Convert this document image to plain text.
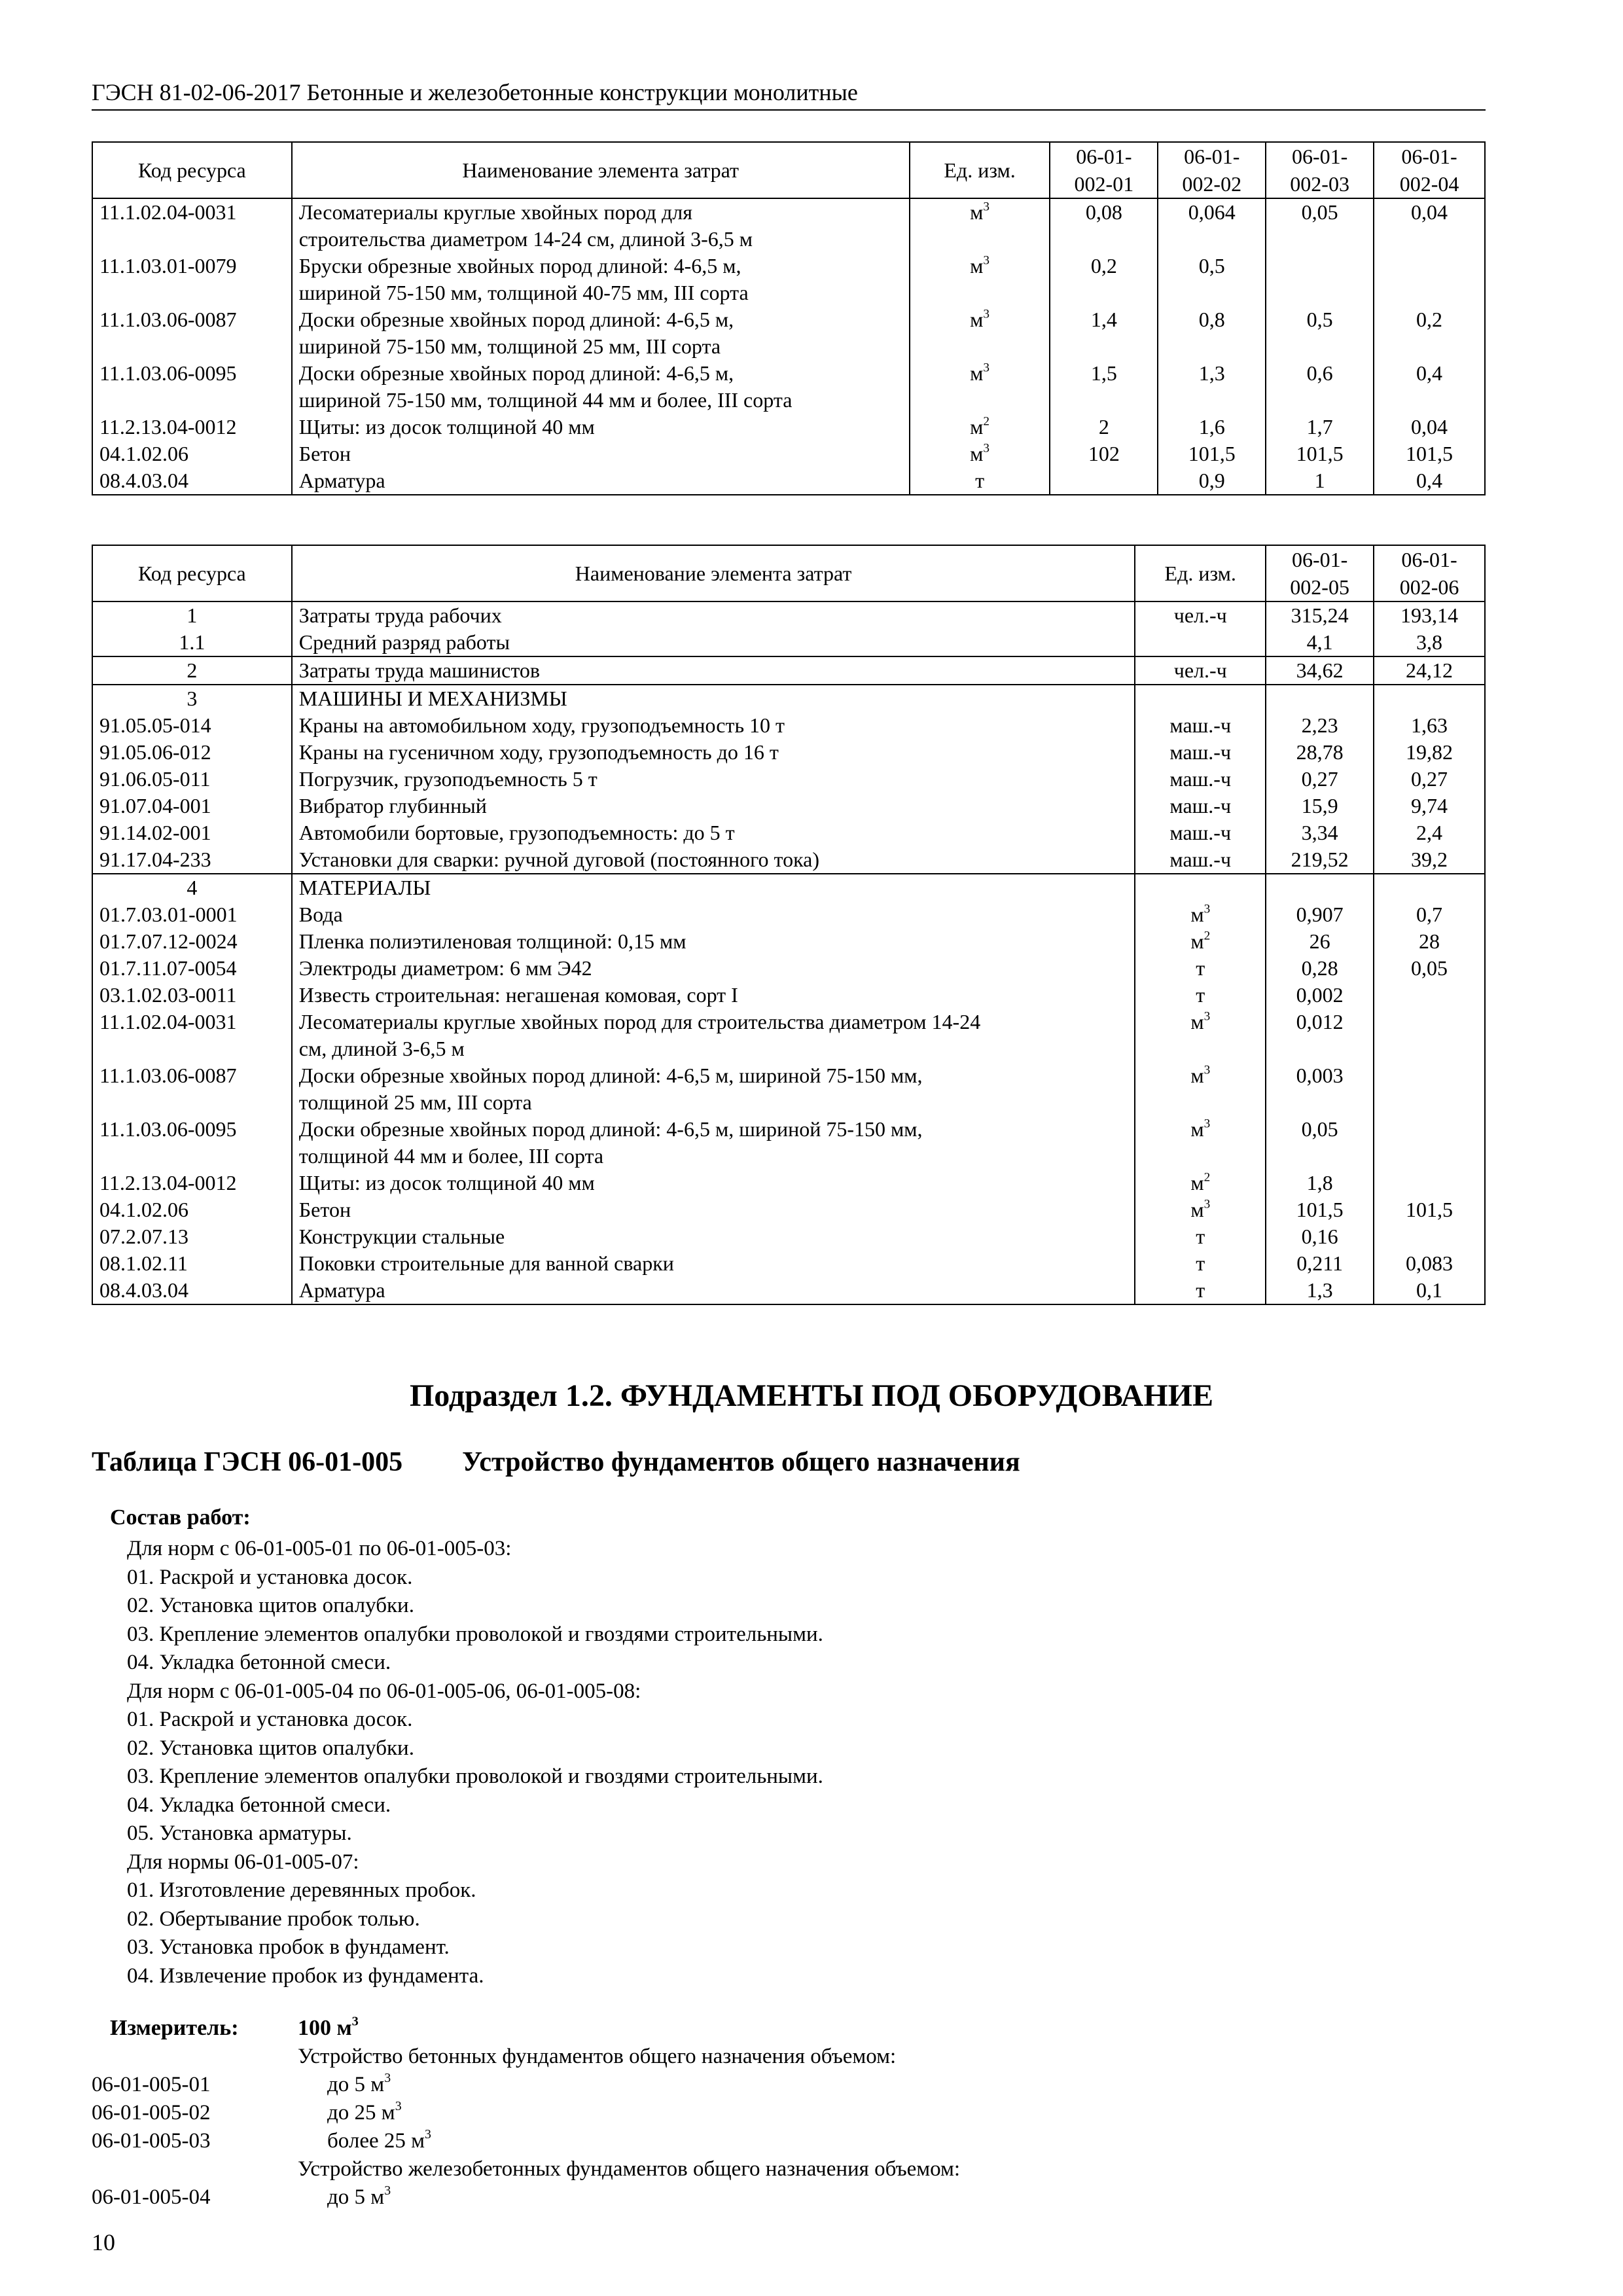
ГЭСН 81-02-06-2017 Бетонные и железобетонные конструкции монолитные
Код ресурса	Наименование элемента затрат	Ед. изм.	06-01-
002-01	06-01-
002-02	06-01-
002-03	06-01-
002-04
11.1.02.04-0031	Лесоматериалы круглые хвойных пород для
строительства диаметром 14-24 см, длиной 3-6,5 м	$м^3$	0,08	0,064	0,05	0,04
11.1.03.01-0079	Бруски обрезные хвойных пород длиной: 4-6,5 м,
шириной 75-150 мм, толщиной 40-75 мм, III сорта	$м^3$	0,2	0,5		
11.1.03.06-0087	Доски обрезные хвойных пород длиной: 4-6,5 м,
шириной 75-150 мм, толщиной 25 мм, III сорта	$м^3$	1,4	0,8	0,5	0,2
11.1.03.06-0095	Доски обрезные хвойных пород длиной: 4-6,5 м,
шириной 75-150 мм, толщиной 44 мм и более, III сорта	$м^3$	1,5	1,3	0,6	0,4
11.2.13.04-0012	Щиты: из досок толщиной 40 мм	$м^2$	2	1,6	1,7	0,04
04.1.02.06	Бетон	$м^3$	102	101,5	101,5	101,5
08.4.03.04	Арматура	т		0,9	1	0,4
Код ресурса	Наименование элемента затрат	Ед. изм.	06-01-
002-05	06-01-
002-06
1	Затраты труда рабочих	чел.-ч	315,24	193,14
1.1	Средний разряд работы		4,1	3,8
2	Затраты труда машинистов	чел.-ч	34,62	24,12
3	МАШИНЫ И МЕХАНИЗМЫ			
91.05.05-014	Краны на автомобильном ходу, грузоподъемность 10 т	маш.-ч	2,23	1,63
91.05.06-012	Краны на гусеничном ходу, грузоподъемность до 16 т	маш.-ч	28,78	19,82
91.06.05-011	Погрузчик, грузоподъемность 5 т	маш.-ч	0,27	0,27
91.07.04-001	Вибратор глубинный	маш.-ч	15,9	9,74
91.14.02-001	Автомобили бортовые, грузоподъемность: до 5 т	маш.-ч	3,34	2,4
91.17.04-233	Установки для сварки: ручной дуговой (постоянного тока)	маш.-ч	219,52	39,2
4	МАТЕРИАЛЫ			
01.7.03.01-0001	Вода	$м^3$	0,907	0,7
01.7.07.12-0024	Пленка полиэтиленовая толщиной: 0,15 мм	$м^2$	26	28
01.7.11.07-0054	Электроды диаметром: 6 мм Э42	т	0,28	0,05
03.1.02.03-0011	Известь строительная: негашеная комовая, сорт I	т	0,002	
11.1.02.04-0031	Лесоматериалы круглые хвойных пород для строительства диаметром 14-24
см, длиной 3-6,5 м	$м^3$	0,012	
11.1.03.06-0087	Доски обрезные хвойных пород длиной: 4-6,5 м, шириной 75-150 мм,
толщиной 25 мм, III сорта	$м^3$	0,003	
11.1.03.06-0095	Доски обрезные хвойных пород длиной: 4-6,5 м, шириной 75-150 мм,
толщиной 44 мм и более, III сорта	$м^3$	0,05	
11.2.13.04-0012	Щиты: из досок толщиной 40 мм	$м^2$	1,8	
04.1.02.06	Бетон	$м^3$	101,5	101,5
07.2.07.13	Конструкции стальные	т	0,16	
08.1.02.11	Поковки строительные для ванной сварки	т	0,211	0,083
08.4.03.04	Арматура	т	1,3	0,1
Подраздел 1.2. ФУНДАМЕНТЫ ПОД ОБОРУДОВАНИЕ
Таблица ГЭСН 06-01-005 Устройство фундаментов общего назначения
Состав работ:
Для норм с 06-01-005-01 по 06-01-005-03:
01. Раскрой и установка досок.
02. Установка щитов опалубки.
03. Крепление элементов опалубки проволокой и гвоздями строительными.
04. Укладка бетонной смеси.
Для норм с 06-01-005-04 по 06-01-005-06, 06-01-005-08:
01. Раскрой и установка досок.
02. Установка щитов опалубки.
03. Крепление элементов опалубки проволокой и гвоздями строительными.
04. Укладка бетонной смеси.
05. Установка арматуры.
Для нормы 06-01-005-07:
01. Изготовление деревянных пробок.
02. Обертывание пробок толью.
03. Установка пробок в фундамент.
04. Извлечение пробок из фундамента.
Измеритель:	100 $м^3$
Устройство бетонных фундаментов общего назначения объемом:
06-01-005-01	до 5 $м^3$
06-01-005-02	до 25 $м^3$
06-01-005-03	более 25 $м^3$
Устройство железобетонных фундаментов общего назначения объемом:
06-01-005-04	до 5 $м^3$
10
